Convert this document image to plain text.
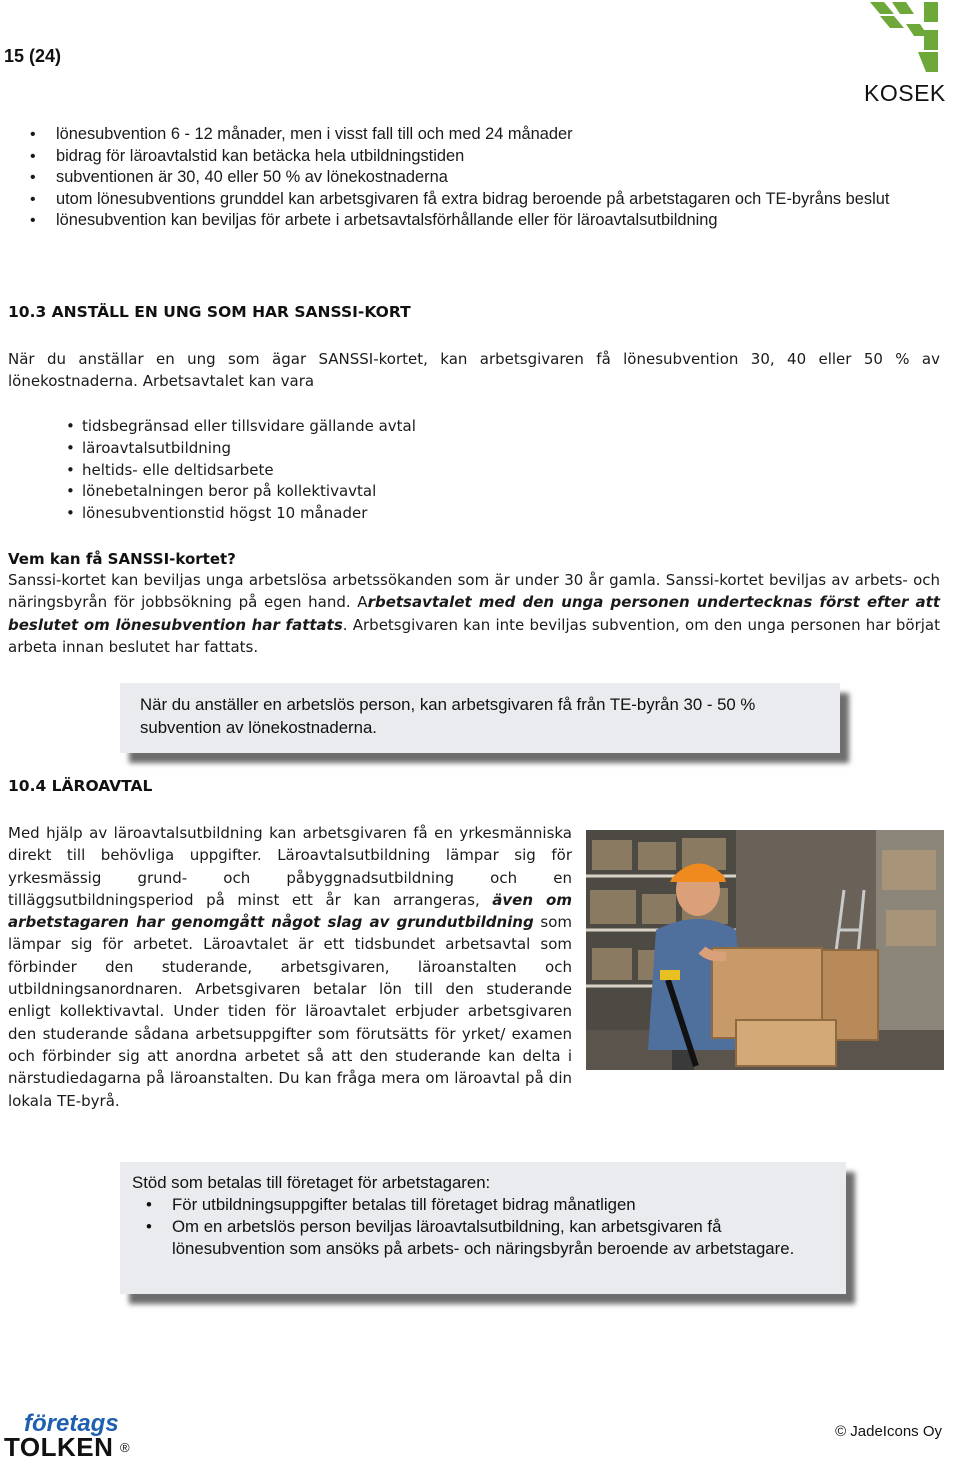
15 (24)
KOSEK
• lönesubvention 6 - 12 månader, men i visst fall till och med 24 månader
• bidrag för läroavtalstid kan betäcka hela utbildningstiden
• subventionen är 30, 40 eller 50 % av lönekostnaderna
• utom lönesubventions grunddel kan arbetsgivaren få extra bidrag beroende på arbetstagaren och TE-byråns beslut
• lönesubvention kan beviljas för arbete i arbetsavtalsförhållande eller för läroavtalsutbildning
10.3 ANSTÄLL EN UNG SOM HAR SANSSI-KORT
När du anställar en ung som ägar SANSSI-kortet, kan arbetsgivaren få lönesubvention 30, 40 eller 50 % av lönekostnaderna. Arbetsavtalet kan vara
• tidsbegränsad eller tillsvidare gällande avtal
• läroavtalsutbildning
• heltids- elle deltidsarbete
• lönebetalningen beror på kollektivavtal
• lönesubventionstid högst 10 månader
Vem kan få SANSSI-kortet?
Sanssi-kortet kan beviljas unga arbetslösa arbetssökanden som är under 30 år gamla. Sanssi-kortet beviljas av arbets- och näringsbyrån för jobbsökning på egen hand. Arbetsavtalet med den unga personen undertecknas först efter att beslutet om lönesubvention har fattats. Arbetsgivaren kan inte beviljas subvention, om den unga personen har börjat arbeta innan beslutet har fattats.
När du anställer en arbetslös person, kan arbetsgivaren få från TE-byrån 30 - 50 % subvention av lönekostnaderna.
10.4 LÄROAVTAL
Med hjälp av läroavtalsutbildning kan arbetsgivaren få en yrkesmänniska direkt till behövliga uppgifter. Läroavtalsutbildning lämpar sig för yrkesmässig grund- och påbyggnadsutbildning och en tilläggsutbildningsperiod på minst ett år kan arrangeras, även om arbetstagaren har genomgått något slag av grundutbildning som lämpar sig för arbetet. Läroavtalet är ett tidsbundet arbetsavtal som förbinder den studerande, arbetsgivaren, läroanstalten och utbildningsanordnaren. Arbetsgivaren betalar lön till den studerande enligt kollektivavtal. Under tiden för läroavtalet erbjuder arbetsgivaren den studerande sådana arbetsuppgifter som förutsätts för yrket/ examen och förbinder sig att anordna arbetet så att den studerande kan delta i närstudiedagarna på läroanstalten. Du kan fråga mera om läroavtal på din lokala TE-byrå.
Stöd som betalas till företaget för arbetstagaren:
• För utbildningsuppgifter betalas till företaget bidrag månatligen
• Om en arbetslös person beviljas läroavtalsutbildning, kan arbetsgivaren få lönesubvention som ansöks på arbets- och näringsbyrån beroende av arbetstagare.
företags
TOLKEN ®
© JadeIcons Oy
